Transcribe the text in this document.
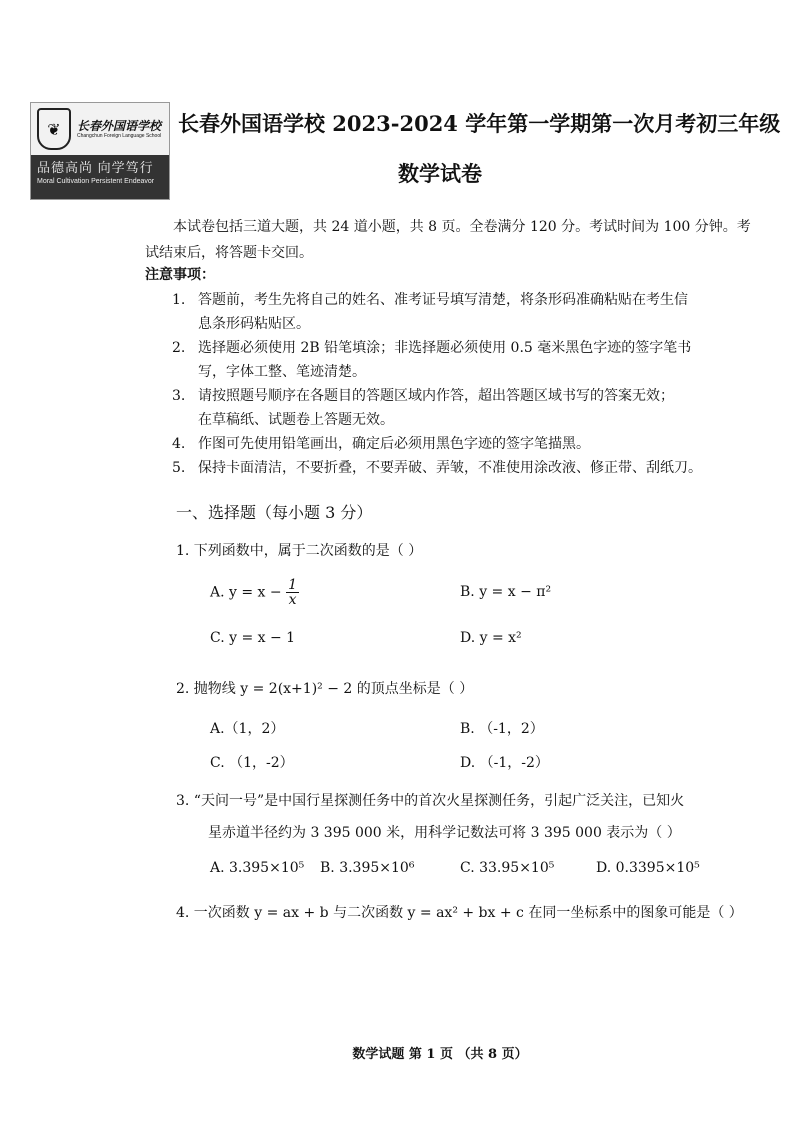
❦	长春外国语学校
Changchun Foreign Language School
品德高尚 向学笃行
Moral Cultivation Persistent Endeavor
长春外国语学校 2023-2024 学年第一学期第一次月考初三年级
数学试卷
本试卷包括三道大题，共 24 道小题，共 8 页。全卷满分 120 分。考试时间为 100 分钟。考试结束后，将答题卡交回。
注意事项：
1. 答题前，考生先将自己的姓名、准考证号填写清楚，将条形码准确粘贴在考生信
息条形码粘贴区。
2. 选择题必须使用 2B 铅笔填涂；非选择题必须使用 0.5 毫米黑色字迹的签字笔书
写，字体工整、笔迹清楚。
3. 请按照题号顺序在各题目的答题区域内作答，超出答题区域书写的答案无效；
在草稿纸、试题卷上答题无效。
4. 作图可先使用铅笔画出，确定后必须用黑色字迹的签字笔描黑。
5. 保持卡面清洁，不要折叠，不要弄破、弄皱，不准使用涂改液、修正带、刮纸刀。
一、选择题（每小题 3 分）
1. 下列函数中，属于二次函数的是（ ）
A. $y = x - \frac{1}{x}$	B. y = x − π²
C. y = x − 1	D. y = x²
2. 抛物线 y = 2(x+1)² − 2 的顶点坐标是（ ）
A.（1，2）	B. （-1，2）
C. （1，-2）	D. （-1，-2）
3. “天问一号”是中国行星探测任务中的首次火星探测任务，引起广泛关注，已知火
星赤道半径约为 3 395 000 米，用科学记数法可将 3 395 000 表示为（ ）
A. 3.395×10⁵ B. 3.395×10⁶	C. 33.95×10⁵	D. 0.3395×10⁵
4. 一次函数 y = ax + b 与二次函数 y = ax² + bx + c 在同一坐标系中的图象可能是（ ）
数学试题 第 1 页 （共 8 页）
